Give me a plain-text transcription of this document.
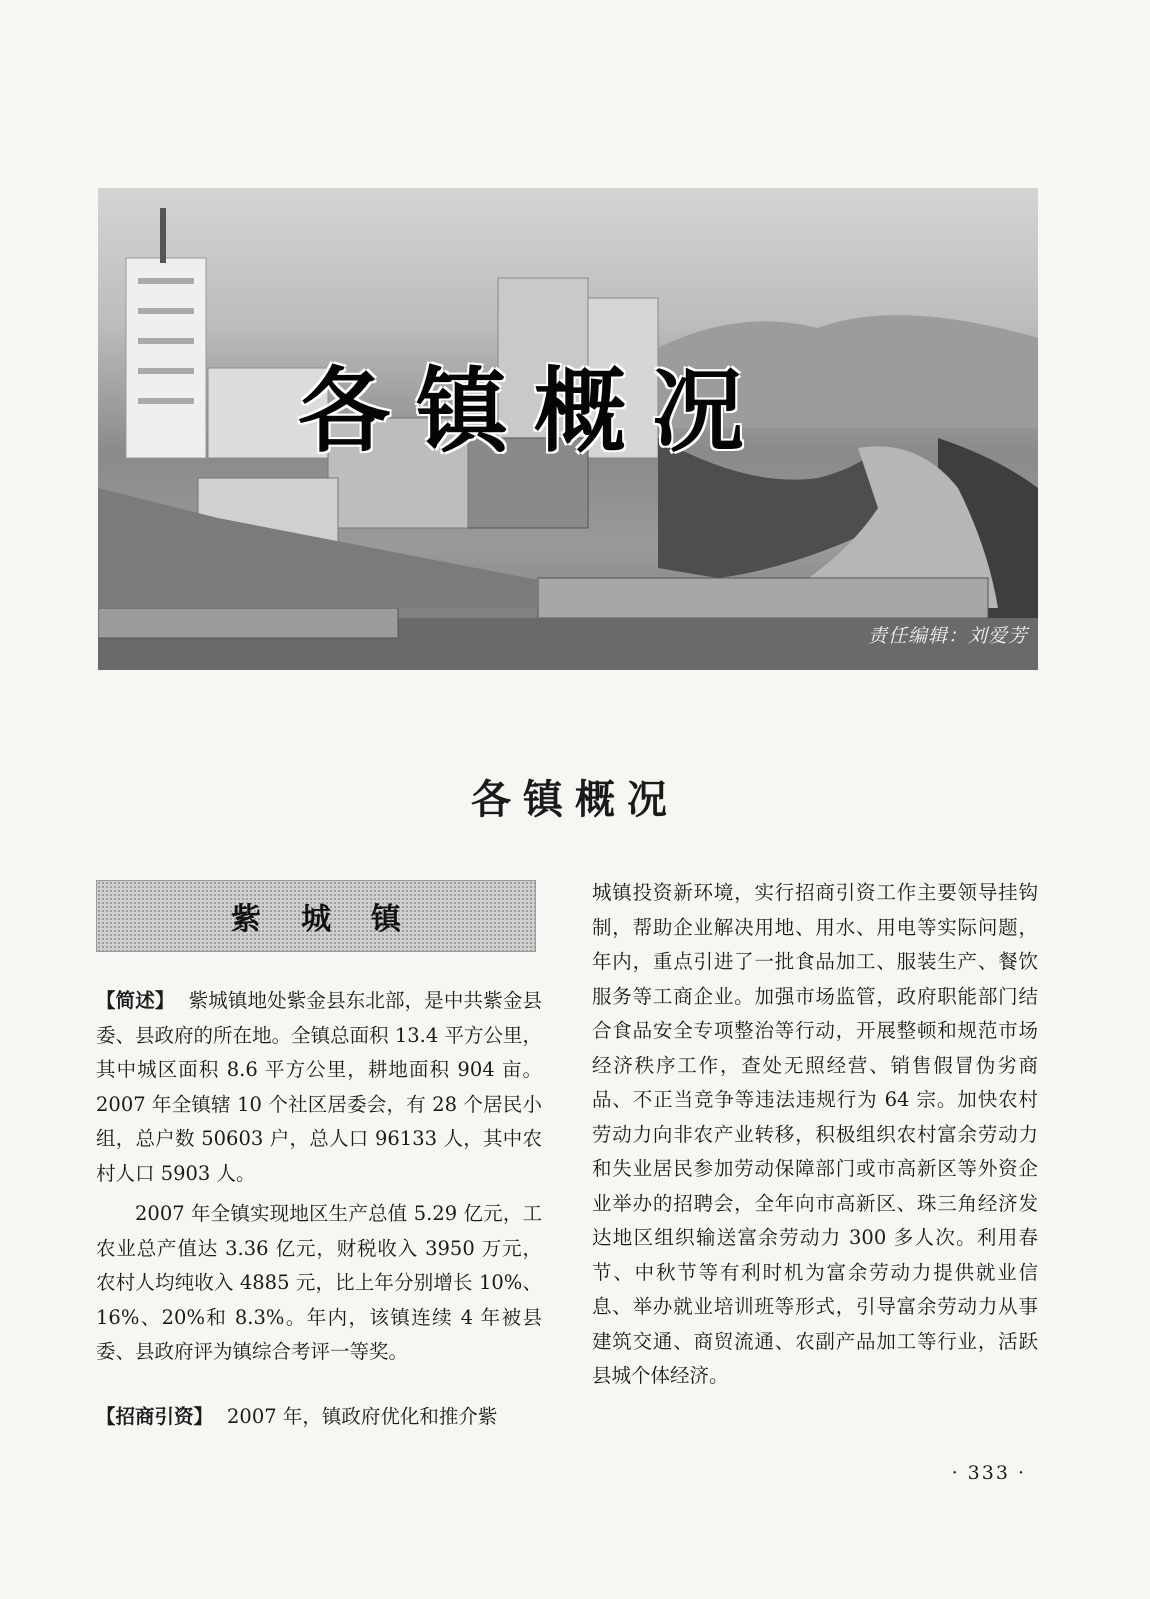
各镇概况
责任编辑：刘爱芳
各镇概况
紫城镇

【简述】 紫城镇地处紫金县东北部，是中共紫金县委、县政府的所在地。全镇总面积 13.4 平方公里，其中城区面积 8.6 平方公里，耕地面积 904 亩。2007 年全镇辖 10 个社区居委会，有 28 个居民小组，总户数 50603 户，总人口 96133 人，其中农村人口 5903 人。

2007 年全镇实现地区生产总值 5.29 亿元，工农业总产值达 3.36 亿元，财税收入 3950 万元，农村人均纯收入 4885 元，比上年分别增长 10%、16%、20%和 8.3%。年内，该镇连续 4 年被县委、县政府评为镇综合考评一等奖。

【招商引资】 2007 年，镇政府优化和推介紫

城镇投资新环境，实行招商引资工作主要领导挂钩制，帮助企业解决用地、用水、用电等实际问题，年内，重点引进了一批食品加工、服装生产、餐饮服务等工商企业。加强市场监管，政府职能部门结合食品安全专项整治等行动，开展整顿和规范市场经济秩序工作，查处无照经营、销售假冒伪劣商品、不正当竞争等违法违规行为 64 宗。加快农村劳动力向非农产业转移，积极组织农村富余劳动力和失业居民参加劳动保障部门或市高新区等外资企业举办的招聘会，全年向市高新区、珠三角经济发达地区组织输送富余劳动力 300 多人次。利用春节、中秋节等有利时机为富余劳动力提供就业信息、举办就业培训班等形式，引导富余劳动力从事建筑交通、商贸流通、农副产品加工等行业，活跃县城个体经济。

· 333 ·
